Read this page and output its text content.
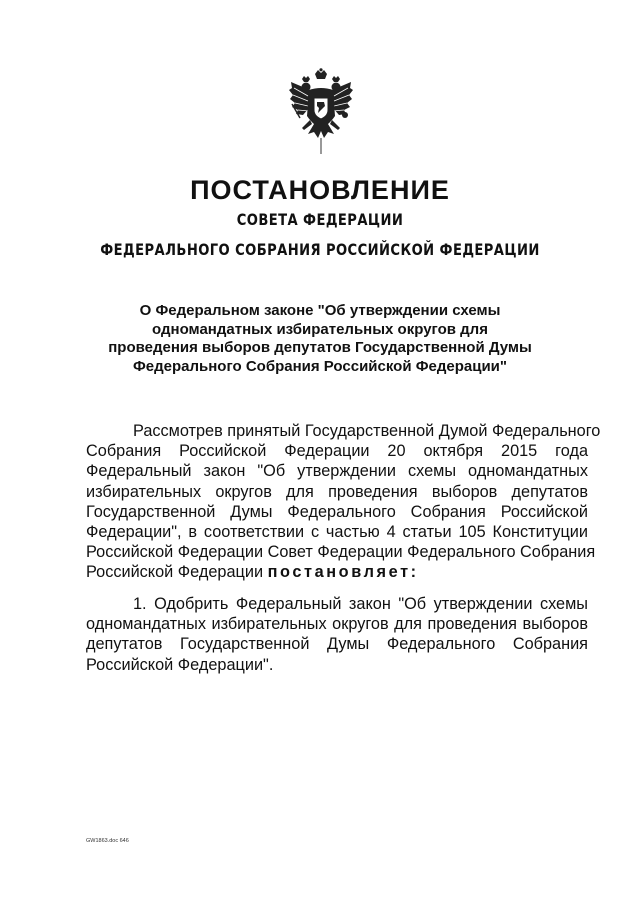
ПОСТАНОВЛЕНИЕ
СОВЕТА ФЕДЕРАЦИИ
ФЕДЕРАЛЬНОГО СОБРАНИЯ РОССИЙСКОЙ ФЕДЕРАЦИИ
О Федеральном законе "Об утверждении схемы
одномандатных избирательных округов для
проведения выборов депутатов Государственной Думы
Федерального Собрания Российской Федерации"
Рассмотрев принятый Государственной Думой Федерального
Собрания Российской Федерации 20 октября 2015 года
Федеральный закон "Об утверждении схемы одномандатных
избирательных округов для проведения выборов депутатов
Государственной Думы Федерального Собрания Российской
Федерации", в соответствии с частью 4 статьи 105 Конституции
Российской Федерации Совет Федерации Федерального Собрания
Российской Федерации постановляет:
1. Одобрить Федеральный закон "Об утверждении схемы
одномандатных избирательных округов для проведения выборов
депутатов Государственной Думы Федерального Собрания
Российской Федерации".
GW1863.doc 646
